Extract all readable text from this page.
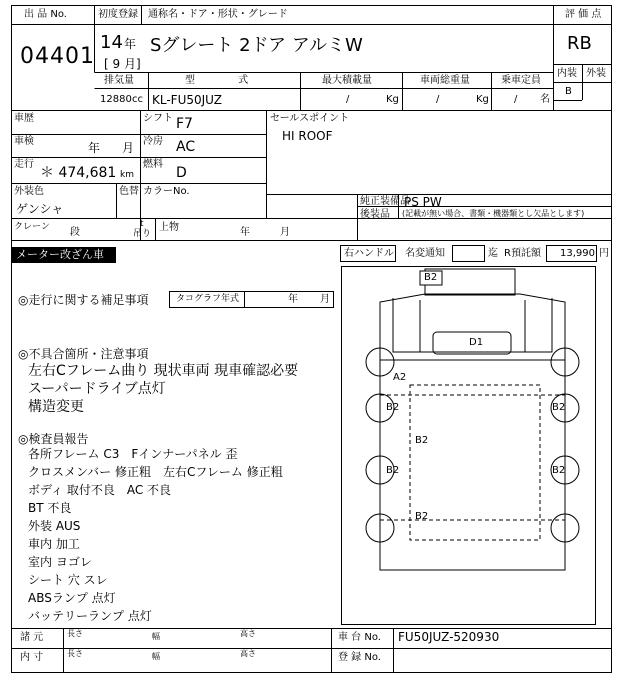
出 品 No.
04401
初度登録 通称名・ドア・形状・グレード
14 年
[ 9 月]
Sグレート 2ドア アルミW
評 価 点
RB
内装 外装
B
排気量	型 式	最大積載量	車両総重量	乗車定員
12880 cc KL-FU50JUZ	/	Kg	/	Kg	/ 名
車歴	シフト F7
車検	年 月 冷房 AC
走行
＊ 474,681 km
燃料
D
外装色
ゲンシャ
色替 カラーNo.
セールスポイント
HI ROOF
純正装備品
PS PW
後装品 (記載が無い場合、書類・機器類とし欠品とします)
クレーン 段
t
吊り
上物	年	月
メーター改ざん車	右ハンドル 名変通知	迄 R預託額 13,990 円
◎走行に関する補足事項	タコグラフ年式	年 月
◎不具合箇所・注意事項
左右Cフレーム曲り 現状車両 現車確認必要
スーパードライブ点灯
構造変更
◎検査員報告
各所フレーム C3　Fインナーパネル 歪
クロスメンバー 修正粗　左右Cフレーム 修正粗
ボディ 取付不良　AC 不良
BT 不良
外装 AUS
車内 加工
室内 ヨゴレ
シート 穴 スレ
ABSランプ 点灯
バッテリーランプ 点灯
B2
D1
A2
B2	B2
B2
B2	B2
B2
諸 元
内 寸
長さ	幅	高さ
長さ	幅	高さ
車 台 No. FU50JUZ-520930
登 録 No.
